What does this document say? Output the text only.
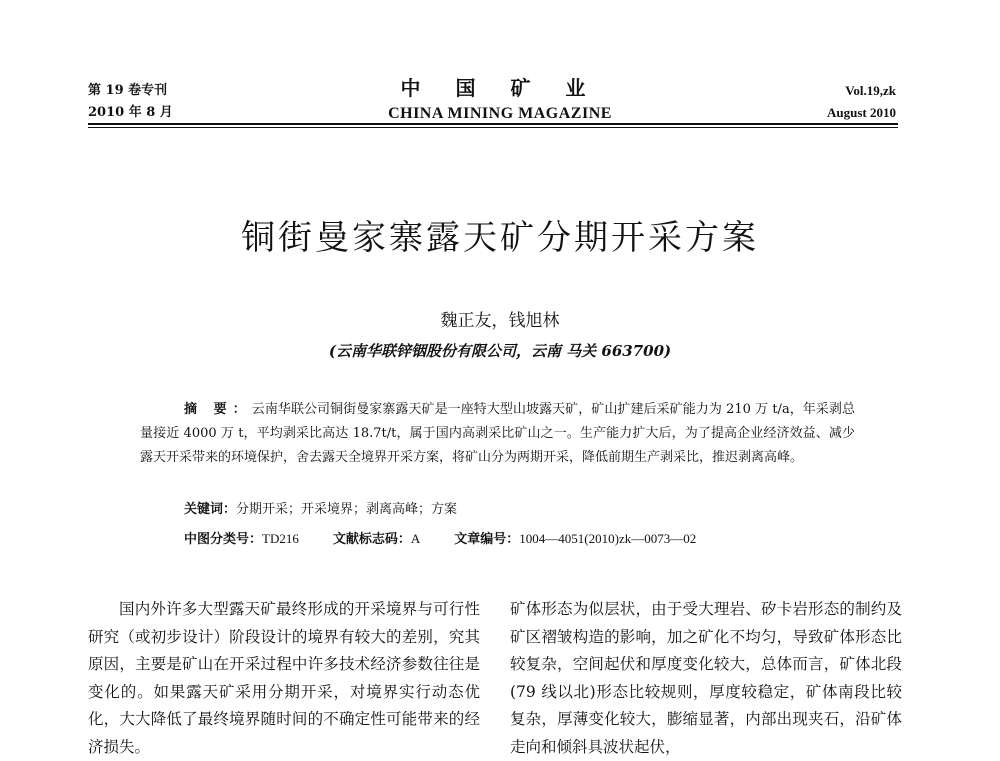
第 19 卷专刊
2010 年 8 月
中 国 矿 业
CHINA MINING MAGAZINE
Vol.19,zk
August 2010
铜街曼家寨露天矿分期开采方案
魏正友，钱旭林
(云南华联锌铟股份有限公司，云南 马关 663700)
摘 要：云南华联公司铜街曼家寨露天矿是一座特大型山坡露天矿，矿山扩建后采矿能力为 210 万 t/a，年采剥总量接近 4000 万 t，平均剥采比高达 18.7t/t，属于国内高剥采比矿山之一。生产能力扩大后，为了提高企业经济效益、减少露天开采带来的环境保护，舍去露天全境界开采方案，将矿山分为两期开采，降低前期生产剥采比，推迟剥离高峰。
关键词：分期开采；开采境界；剥离高峰；方案
中图分类号：TD216	文献标志码：A	文章编号：1004—4051(2010)zk—0073—02

国内外许多大型露天矿最终形成的开采境界与可行性研究（或初步设计）阶段设计的境界有较大的差别，究其原因，主要是矿山在开采过程中许多技术经济参数往往是变化的。如果露天矿采用分期开采，对境界实行动态优化，大大降低了最终境界随时间的不确定性可能带来的经济损失。

矿体形态为似层状，由于受大理岩、矽卡岩形态的制约及矿区褶皱构造的影响，加之矿化不均匀，导致矿体形态比较复杂，空间起伏和厚度变化较大，总体而言，矿体北段(79 线以北)形态比较规则，厚度较稳定，矿体南段比较复杂，厚薄变化较大，膨缩显著，内部出现夹石，沿矿体走向和倾斜具波状起伏，
